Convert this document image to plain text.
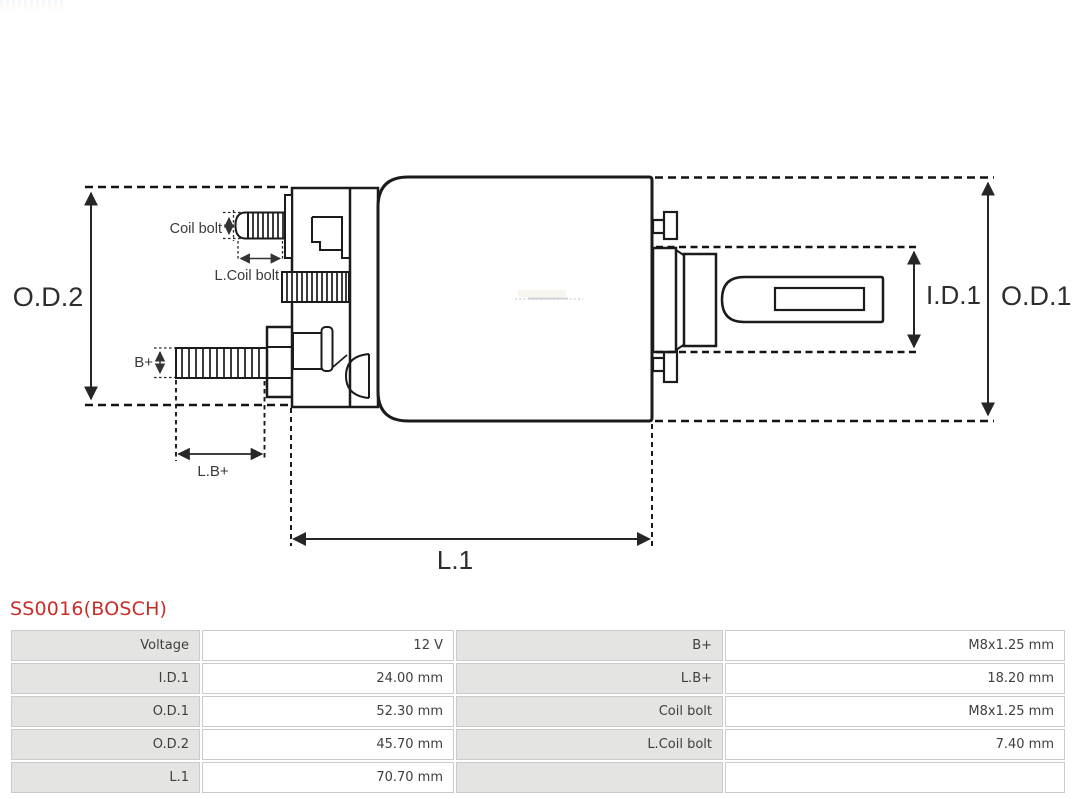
O.D.2
Coil bolt
L.Coil bolt
B+
L.B+
I.D.1 O.D.1
L.1
SS0016(BOSCH)
Voltage	12 V	B+	M8x1.25 mm
I.D.1	24.00 mm	L.B+	18.20 mm
O.D.1	52.30 mm	Coil bolt	M8x1.25 mm
O.D.2	45.70 mm	L.Coil bolt	7.40 mm
L.1	70.70 mm
